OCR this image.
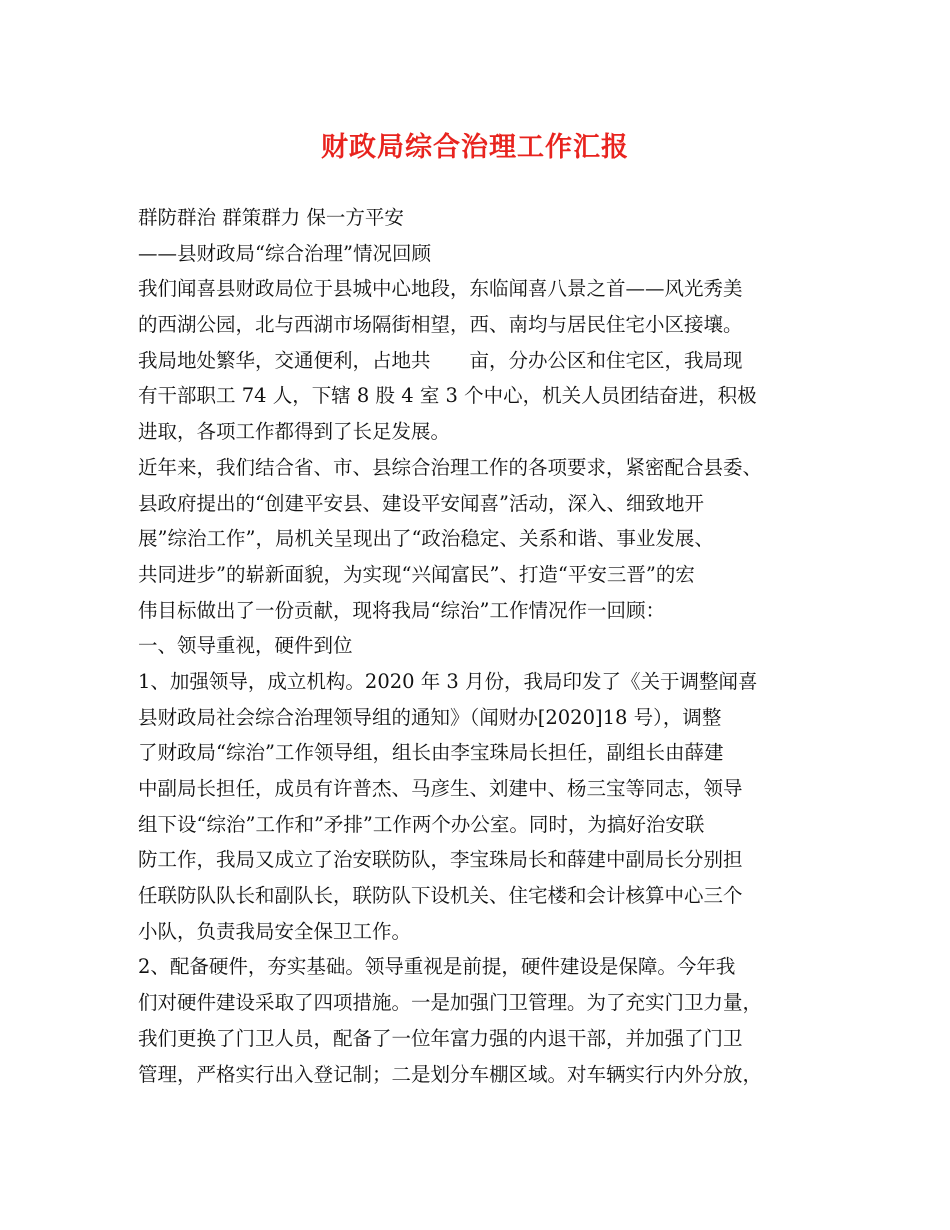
财政局综合治理工作汇报
群防群治 群策群力 保一方平安
——县财政局“综合治理”情况回顾
我们闻喜县财政局位于县城中心地段，东临闻喜八景之首——风光秀美
的西湖公园，北与西湖市场隔街相望，西、南均与居民住宅小区接壤。
我局地处繁华，交通便利，占地共　　亩，分办公区和住宅区，我局现
有干部职工 74 人，下辖 8 股 4 室 3 个中心，机关人员团结奋进，积极
进取，各项工作都得到了长足发展。
近年来，我们结合省、市、县综合治理工作的各项要求，紧密配合县委、
县政府提出的“创建平安县、建设平安闻喜”活动，深入、细致地开
展”综治工作”，局机关呈现出了“政治稳定、关系和谐、事业发展、
共同进步”的崭新面貌，为实现“兴闻富民”、打造“平安三晋”的宏
伟目标做出了一份贡献，现将我局“综治”工作情况作一回顾：
一、领导重视，硬件到位
1、加强领导，成立机构。2020 年 3 月份，我局印发了《关于调整闻喜
县财政局社会综合治理领导组的通知》（闻财办[2020]18 号），调整
了财政局“综治”工作领导组，组长由李宝珠局长担任，副组长由薛建
中副局长担任，成员有许普杰、马彦生、刘建中、杨三宝等同志，领导
组下设“综治”工作和”矛排”工作两个办公室。同时，为搞好治安联
防工作，我局又成立了治安联防队，李宝珠局长和薛建中副局长分别担
任联防队队长和副队长，联防队下设机关、住宅楼和会计核算中心三个
小队，负责我局安全保卫工作。
2、配备硬件，夯实基础。领导重视是前提，硬件建设是保障。今年我
们对硬件建设采取了四项措施。一是加强门卫管理。为了充实门卫力量，
我们更换了门卫人员，配备了一位年富力强的内退干部，并加强了门卫
管理，严格实行出入登记制；二是划分车棚区域。对车辆实行内外分放，
